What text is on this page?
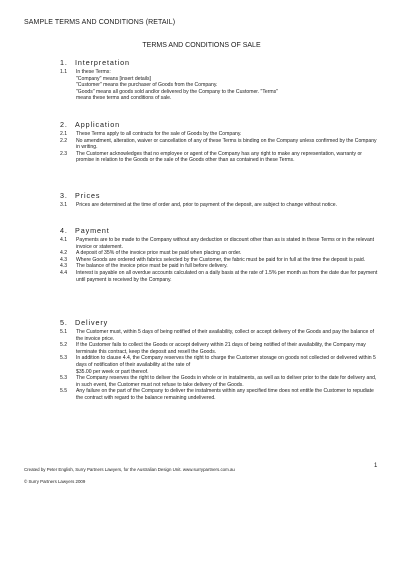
SAMPLE TERMS AND CONDITIONS (RETAIL)
TERMS AND CONDITIONS OF SALE
1.	Interpretation
1.1	In these Terms:
"Company" means [insert details]
"Customer" means the purchaser of Goods from the Company.
"Goods" means all goods sold and/or delivered by the Company to the Customer. "Terms"
means these terms and conditions of sale.
2.	Application
2.1	These Terms apply to all contracts for the sale of Goods by the Company.
2.2	No amendment, alteration, waiver or cancellation of any of these Terms is binding on the Company unless confirmed by the Company in writing.
2.3	The Customer acknowledges that no employee or agent of the Company has any right to make any representation, warranty or promise in relation to the Goods or the sale of the Goods other than as contained in these Terms.
3.	Prices
3.1	Prices are determined at the time of order and, prior to payment of the deposit, are subject to change without notice.
4.	Payment
4.1	Payments are to be made to the Company without any deduction or discount other than as is stated in these Terms or in the relevant invoice or statement.
4.2	A deposit of 35% of the invoice price must be paid when placing an order.
4.3	Where Goods are ordered with fabrics selected by the Customer, the fabric must be paid for in full at the time the deposit is paid.
4.3	The balance of the invoice price must be paid in full before delivery.
4.4	Interest is payable on all overdue accounts calculated on a daily basis at the rate of 1.5% per month as from the date due for payment until payment is received by the Company.
5.	Delivery
5.1	The Customer must, within 5 days of being notified of their availability, collect or accept delivery of the Goods and pay the balance of the invoice price.
5.2	If the Customer fails to collect the Goods or accept delivery within 21 days of being notified of their availability, the Company may terminate this contract, keep the deposit and resell the Goods.
5.3	In addition to clause 4.4, the Company reserves the right to charge the Customer storage on goods not collected or delivered within 5 days of notification of their availability at the rate of
$35.00 per week or part thereof.
5.3	The Company reserves the right to deliver the Goods in whole or in instalments, as well as to deliver prior to the date for delivery and, in such event, the Customer must not refuse to take delivery of the Goods.
5.5	Any failure on the part of the Company to deliver the instalments within any specified time does not entitle the Customer to repudiate the contract with regard to the balance remaining undelivered.
1
Created by Peter English, Surry Partners Lawyers, for the Australian Design Unit. www.surrypartners.com.au
© Surry Partners Lawyers 2009
